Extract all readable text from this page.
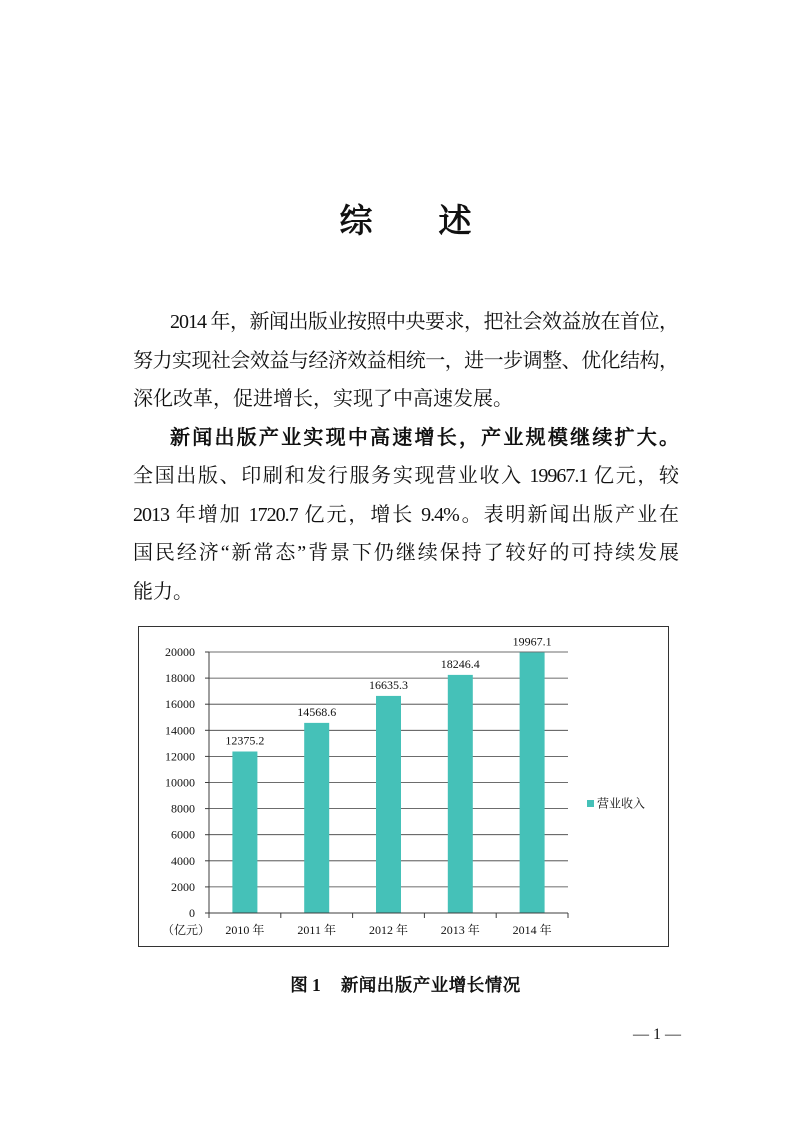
综　　述
2014 年，新闻出版业按照中央要求，把社会效益放在首位，
努力实现社会效益与经济效益相统一，进一步调整、优化结构，
深化改革，促进增长，实现了中高速发展。
新闻出版产业实现中高速增长，产业规模继续扩大。
全国出版、印刷和发行服务实现营业收入 19967.1 亿元，较
2013 年增加 1720.7 亿元，增长 9.4%。表明新闻出版产业在
国民经济“新常态”背景下仍继续保持了较好的可持续发展
能力。
0
2000
4000
6000
8000
10000
12000
14000
16000
18000
20000
12375.2
2010 年
14568.6
2011 年
16635.3
2012 年
18246.4
2013 年
19967.1
2014 年
（亿元）
营业收入
图 1 新闻出版产业增长情况
— 1 —
